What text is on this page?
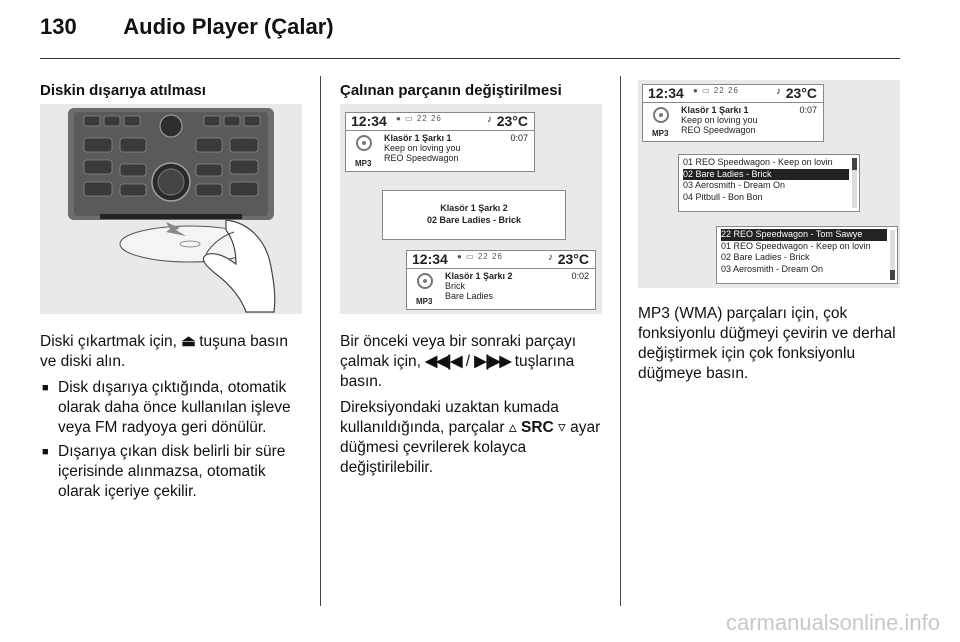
130 Audio Player (Çalar)
Diskin dışarıya atılması

Diski çıkartmak için, ⏏ tuşuna basın ve diski alın.

■ Disk dışarıya çıktığında, otomatik olarak daha önce kullanılan işleve veya FM radyoya geri dönülür.
■ Dışarıya çıkan disk belirli bir süre içerisinde alınmazsa, otomatik olarak içeriye çekilir.
Çalınan parçanın değiştirilmesi
12:34 ● ▭ 22 26	♪ 23°C
MP3
Klasör 1 Şarkı 1
Keep on loving you
REO Speedwagon
0:07
Klasör 1 Şarkı 2
02 Bare Ladies - Brick
12:34 ● ▭ 22 26	♪ 23°C
MP3
Klasör 1 Şarkı 2
Brick
Bare Ladies
0:02

Bir önceki veya bir sonraki parçayı çalmak için, ◀◀|◀ / ▶|▶▶ tuşlarına basın.

Direksiyondaki uzaktan kumada kullanıldığında, parçalar ▵ SRC ▿ ayar düğmesi çevrilerek kolayca değiştirilebilir.

12:34 ● ▭ 22 26	♪ 23°C
MP3
Klasör 1 Şarkı 1
Keep on loving you
REO Speedwagon
0:07
01 REO Speedwagon - Keep on lovin
02 Bare Ladies - Brick
03 Aerosmith - Dream On
04 Pitbull - Bon Bon
22 REO Speedwagon - Tom Sawye
01 REO Speedwagon - Keep on lovin
02 Bare Ladies - Brick
03 Aerosmith - Dream On

MP3 (WMA) parçaları için, çok fonksiyonlu düğmeyi çevirin ve derhal değiştirmek için çok fonksiyonlu düğmeye basın.

carmanualsonline.info
